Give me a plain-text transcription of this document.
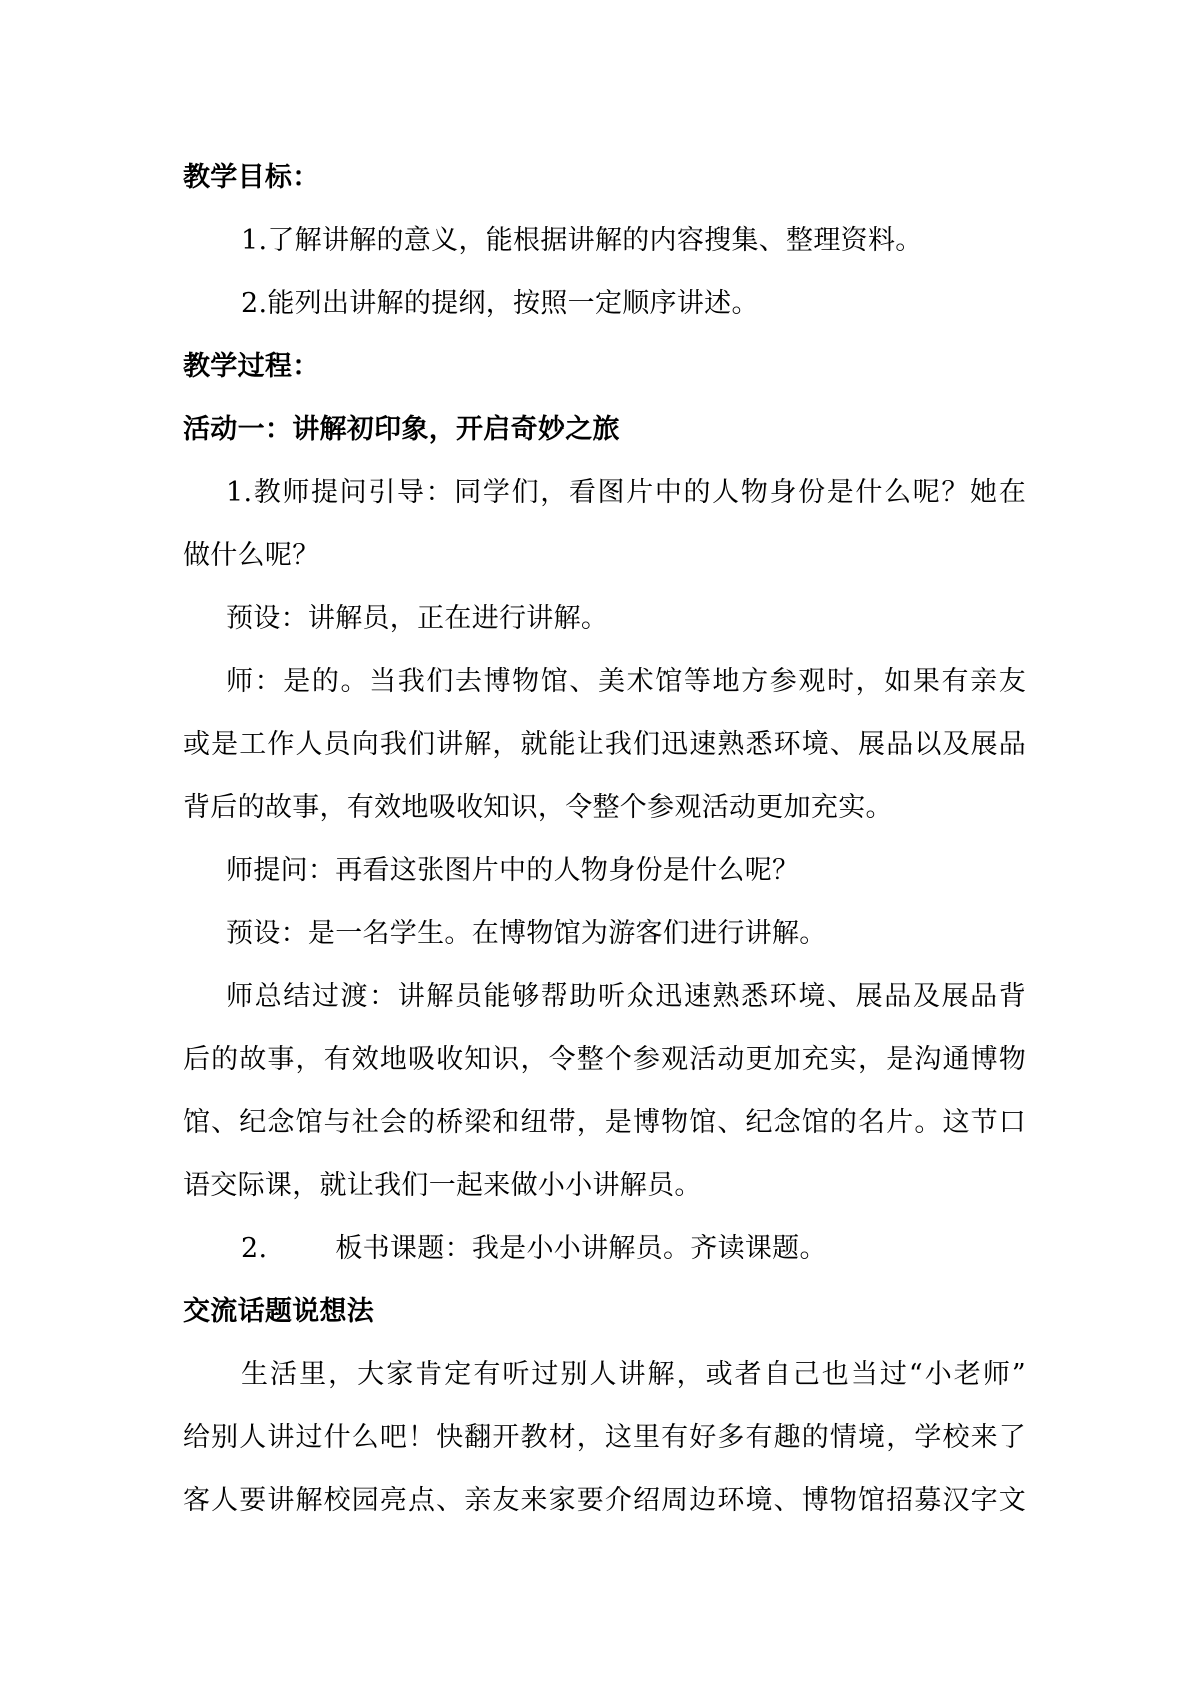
教学目标：
1.了解讲解的意义，能根据讲解的内容搜集、整理资料。
2.能列出讲解的提纲，按照一定顺序讲述。
教学过程：
活动一：讲解初印象，开启奇妙之旅
1.教师提问引导：同学们，看图片中的人物身份是什么呢？她在
做什么呢？
预设：讲解员，正在进行讲解。
师：是的。当我们去博物馆、美术馆等地方参观时，如果有亲友
或是工作人员向我们讲解，就能让我们迅速熟悉环境、展品以及展品
背后的故事，有效地吸收知识，令整个参观活动更加充实。
师提问：再看这张图片中的人物身份是什么呢？
预设：是一名学生。在博物馆为游客们进行讲解。
师总结过渡：讲解员能够帮助听众迅速熟悉环境、展品及展品背
后的故事，有效地吸收知识，令整个参观活动更加充实，是沟通博物
馆、纪念馆与社会的桥梁和纽带，是博物馆、纪念馆的名片。这节口
语交际课，就让我们一起来做小小讲解员。
2.	板书课题：我是小小讲解员。齐读课题。
交流话题说想法
生活里，大家肯定有听过别人讲解，或者自己也当过“小老师”
给别人讲过什么吧！快翻开教材，这里有好多有趣的情境，学校来了
客人要讲解校园亮点、亲友来家要介绍周边环境、博物馆招募汉字文
